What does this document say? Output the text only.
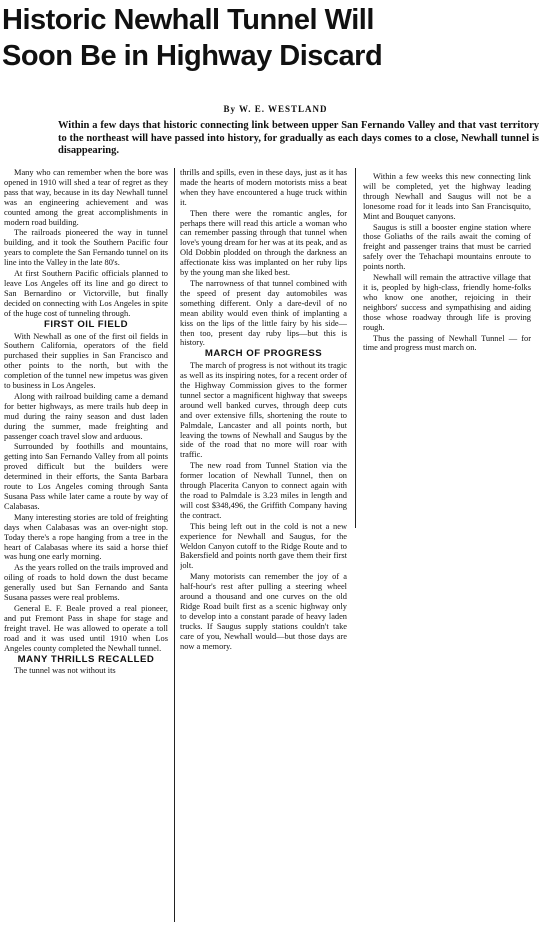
Historic Newhall Tunnel Will
Soon Be in Highway Discard
By W. E. WESTLAND
Within a few days that historic connecting link between upper San Fernando Valley and that vast territory to the northeast will have passed into history, for gradually as each days comes to a close, Newhall tunnel is disappearing.

Many who can remember when the bore was opened in 1910 will shed a tear of regret as they pass that way, because in its day Newhall tunnel was an engineering achievement and was counted among the great accomplishments in modern road building.

The railroads pioneered the way in tunnel building, and it took the Southern Pacific four years to complete the San Fernando tunnel on its line into the Valley in the late 80's.

At first Southern Pacific officials planned to leave Los Angeles off its line and go direct to San Bernardino or Victorville, but finally decided on connecting with Los Angeles in spite of the huge cost of tunneling through.

FIRST OIL FIELD

With Newhall as one of the first oil fields in Southern California, operators of the field purchased their supplies in San Francisco and other points to the north, but with the completion of the tunnel new impetus was given to business in Los Angeles.

Along with railroad building came a demand for better highways, as mere trails hub deep in mud during the rainy season and dust laden during the summer, made freighting and passenger coach travel slow and arduous.

Surrounded by foothills and mountains, getting into San Fernando Valley from all points proved difficult but the builders were determined in their efforts, the Santa Barbara route to Los Angeles coming through Santa Susana Pass while later came a route by way of Calabasas.

Many interesting stories are told of freighting days when Calabasas was an over-night stop. Today there's a rope hanging from a tree in the heart of Calabasas where its said a horse thief was hung one early morning.

As the years rolled on the trails improved and oiling of roads to hold down the dust became generally used but San Fernando and Santa Susana passes were real problems.

General E. F. Beale proved a real pioneer, and put Fremont Pass in shape for stage and freight travel. He was allowed to operate a toll road and it was used until 1910 when Los Angeles county completed the Newhall tunnel.

MANY THRILLS RECALLED

The tunnel was not without its

thrills and spills, even in these days, just as it has made the hearts of modern motorists miss a beat when they have encountered a huge truck within it.

Then there were the romantic angles, for perhaps there will read this article a woman who can remember passing through that tunnel when love's young dream for her was at its peak, and as Old Dobbin plodded on through the darkness an affectionate kiss was implanted on her ruby lips by the young man she liked best.

The narrowness of that tunnel combined with the speed of present day automobiles was something different. Only a dare-devil of no mean ability would even think of implanting a kiss on the lips of the little fairy by his side—then too, present day ruby lips—but this is history.

MARCH OF PROGRESS

The march of progress is not without its tragic as well as its inspiring notes, for a recent order of the Highway Commission gives to the former tunnel sector a magnificent highway that sweeps around well banked curves, through deep cuts and over extensive fills, shortening the route to Palmdale, Lancaster and all points north, but leaving the towns of Newhall and Saugus by the side of the road that no more will roar with traffic.

The new road from Tunnel Station via the former location of Newhall Tunnel, then on through Placerita Canyon to connect again with the road to Palmdale is 3.23 miles in length and will cost $348,496, the Griffith Company having the contract.

This being left out in the cold is not a new experience for Newhall and Saugus, for the Weldon Canyon cutoff to the Ridge Route and to Bakersfield and points north gave them their first jolt.

Many motorists can remember the joy of a half-hour's rest after pulling a steering wheel around a thousand and one curves on the old Ridge Road built first as a scenic highway only to develop into a constant parade of heavy laden trucks. If Saugus supply stations couldn't take care of you, Newhall would—but those days are now a memory.

Within a few weeks this new connecting link will be completed, yet the highway leading through Newhall and Saugus will not be a lonesome road for it leads into San Francisquito, Mint and Bouquet canyons.

Saugus is still a booster engine station where those Goliaths of the rails await the coming of freight and passenger trains that must be carried safely over the Tehachapi mountains enroute to points north.

Newhall will remain the attractive village that it is, peopled by high-class, friendly home-folks who know one another, rejoicing in their neighbors' success and sympathising and aiding those whose roadway through life is proving rough.

Thus the passing of Newhall Tunnel — for time and progress must march on.
